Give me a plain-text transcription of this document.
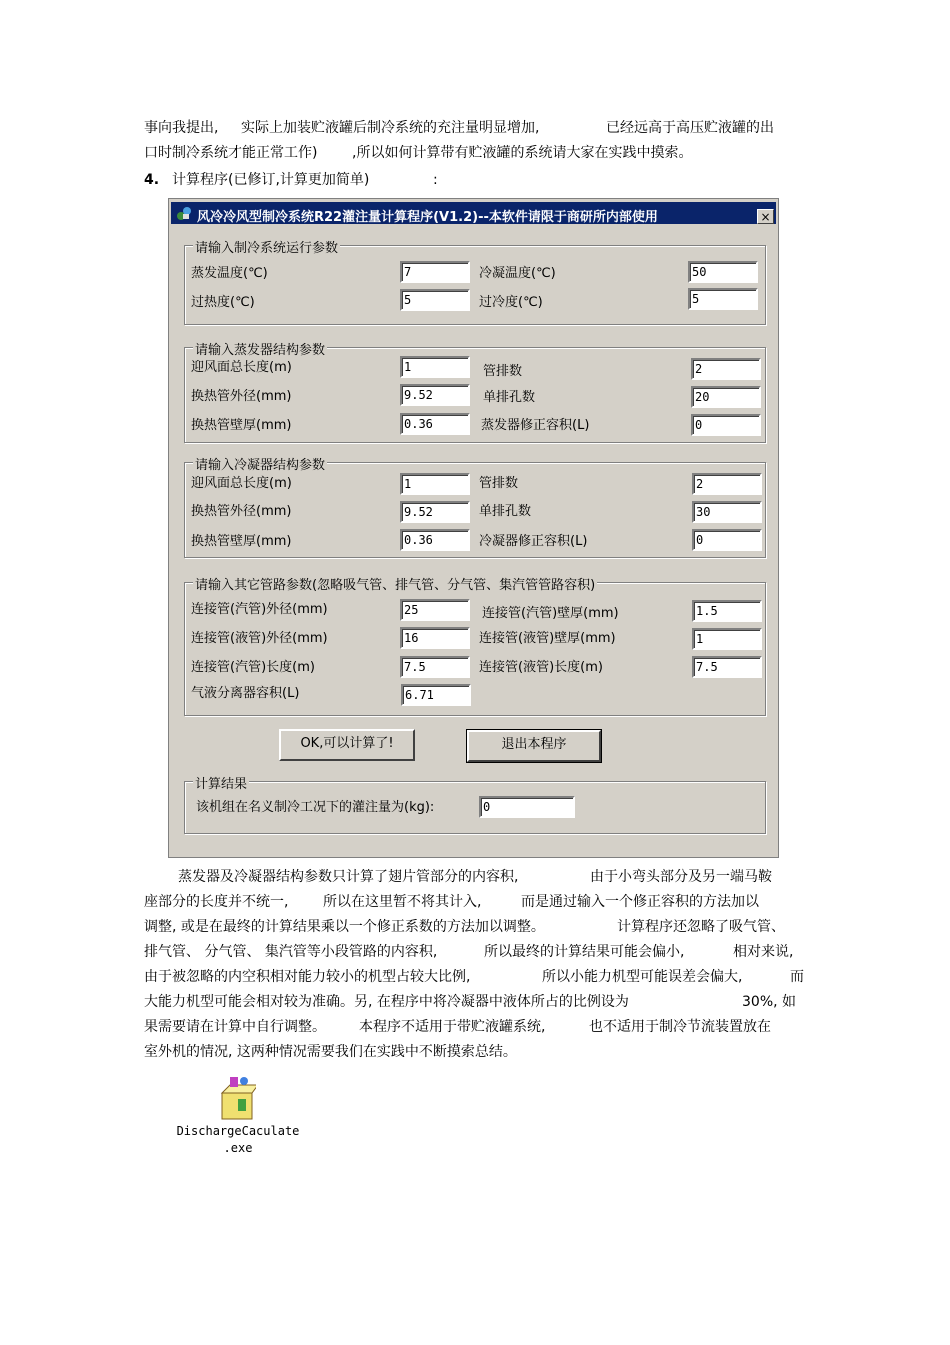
事向我提出, 实际上加装贮液罐后制冷系统的充注量明显增加,	已经远高于高压贮液罐的出
口时制冷系统才能正常工作) ,所以如何计算带有贮液罐的系统请大家在实践中摸索。
4. 计算程序(已修订,计算更加简单)	:
风冷冷风型制冷系统R22灌注量计算程序(V1.2)--本软件请限于商研所内部使用	×
请输入制冷系统运行参数
蒸发温度(℃)	7	冷凝温度(℃)	50
过热度(℃)	5	过冷度(℃)	5
请输入蒸发器结构参数
迎风面总长度(m)	1	管排数	2
换热管外径(mm)	9.52	单排孔数	20
换热管壁厚(mm)	0.36	蒸发器修正容积(L)	0
请输入冷凝器结构参数
迎风面总长度(m)	1	管排数	2
换热管外径(mm)	9.52	单排孔数	30
换热管壁厚(mm)	0.36	冷凝器修正容积(L)	0
请输入其它管路参数(忽略吸气管、排气管、分气管、集汽管管路容积)
连接管(汽管)外径(mm)	25	连接管(汽管)壁厚(mm)	1.5
连接管(液管)外径(mm)	16	连接管(液管)壁厚(mm)	1
连接管(汽管)长度(m)	7.5	连接管(液管)长度(m)	7.5
气液分离器容积(L)	6.71
OK,可以计算了!	退出本程序
计算结果
该机组在名义制冷工况下的灌注量为(kg):	0
蒸发器及冷凝器结构参数只计算了翅片管部分的内容积,	由于小弯头部分及另一端马鞍
座部分的长度并不统一, 所以在这里暂不将其计入,	而是通过输入一个修正容积的方法加以
调整, 或是在最终的计算结果乘以一个修正系数的方法加以调整。	计算程序还忽略了吸气管、
排气管、 分气管、 集汽管等小段管路的内容积,	所以最终的计算结果可能会偏小,	相对来说,
由于被忽略的内空积相对能力较小的机型占较大比例,	所以小能力机型可能误差会偏大,	而
大能力机型可能会相对较为准确。另, 在程序中将冷凝器中液体所占的比例设为	30%, 如
果需要请在计算中自行调整。 本程序不适用于带贮液罐系统,	也不适用于制冷节流装置放在
室外机的情况, 这两种情况需要我们在实践中不断摸索总结。
DischargeCaculate
.exe
